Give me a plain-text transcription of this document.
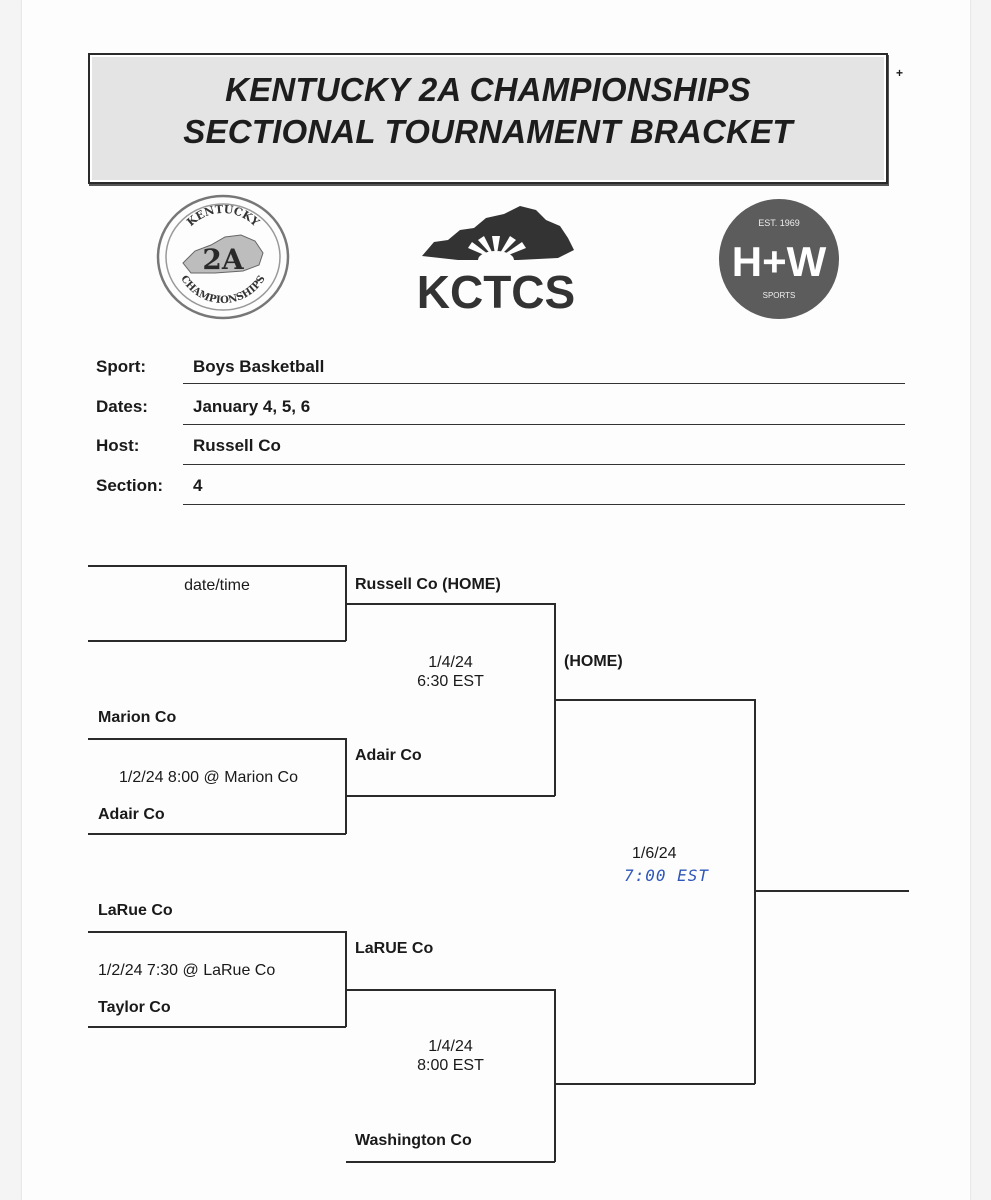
KENTUCKY 2A CHAMPIONSHIPS
SECTIONAL TOURNAMENT BRACKET
+
KENTUCKY
2A
CHAMPIONSHIPS	KCTCS
EST. 1969
H+W
SPORTS
Sport:	Boys Basketball
Dates:	January 4, 5, 6
Host:	Russell Co
Section: 4
date/time
Marion Co
1/2/24 8:00 @ Marion Co
Adair Co
LaRue Co
1/2/24 7:30 @ LaRue Co
Taylor Co
Russell Co (HOME)
1/4/24
6:30 EST
Adair Co
LaRUE Co
1/4/24
8:00 EST
Washington Co
(HOME)
1/6/24
7:00 EST
